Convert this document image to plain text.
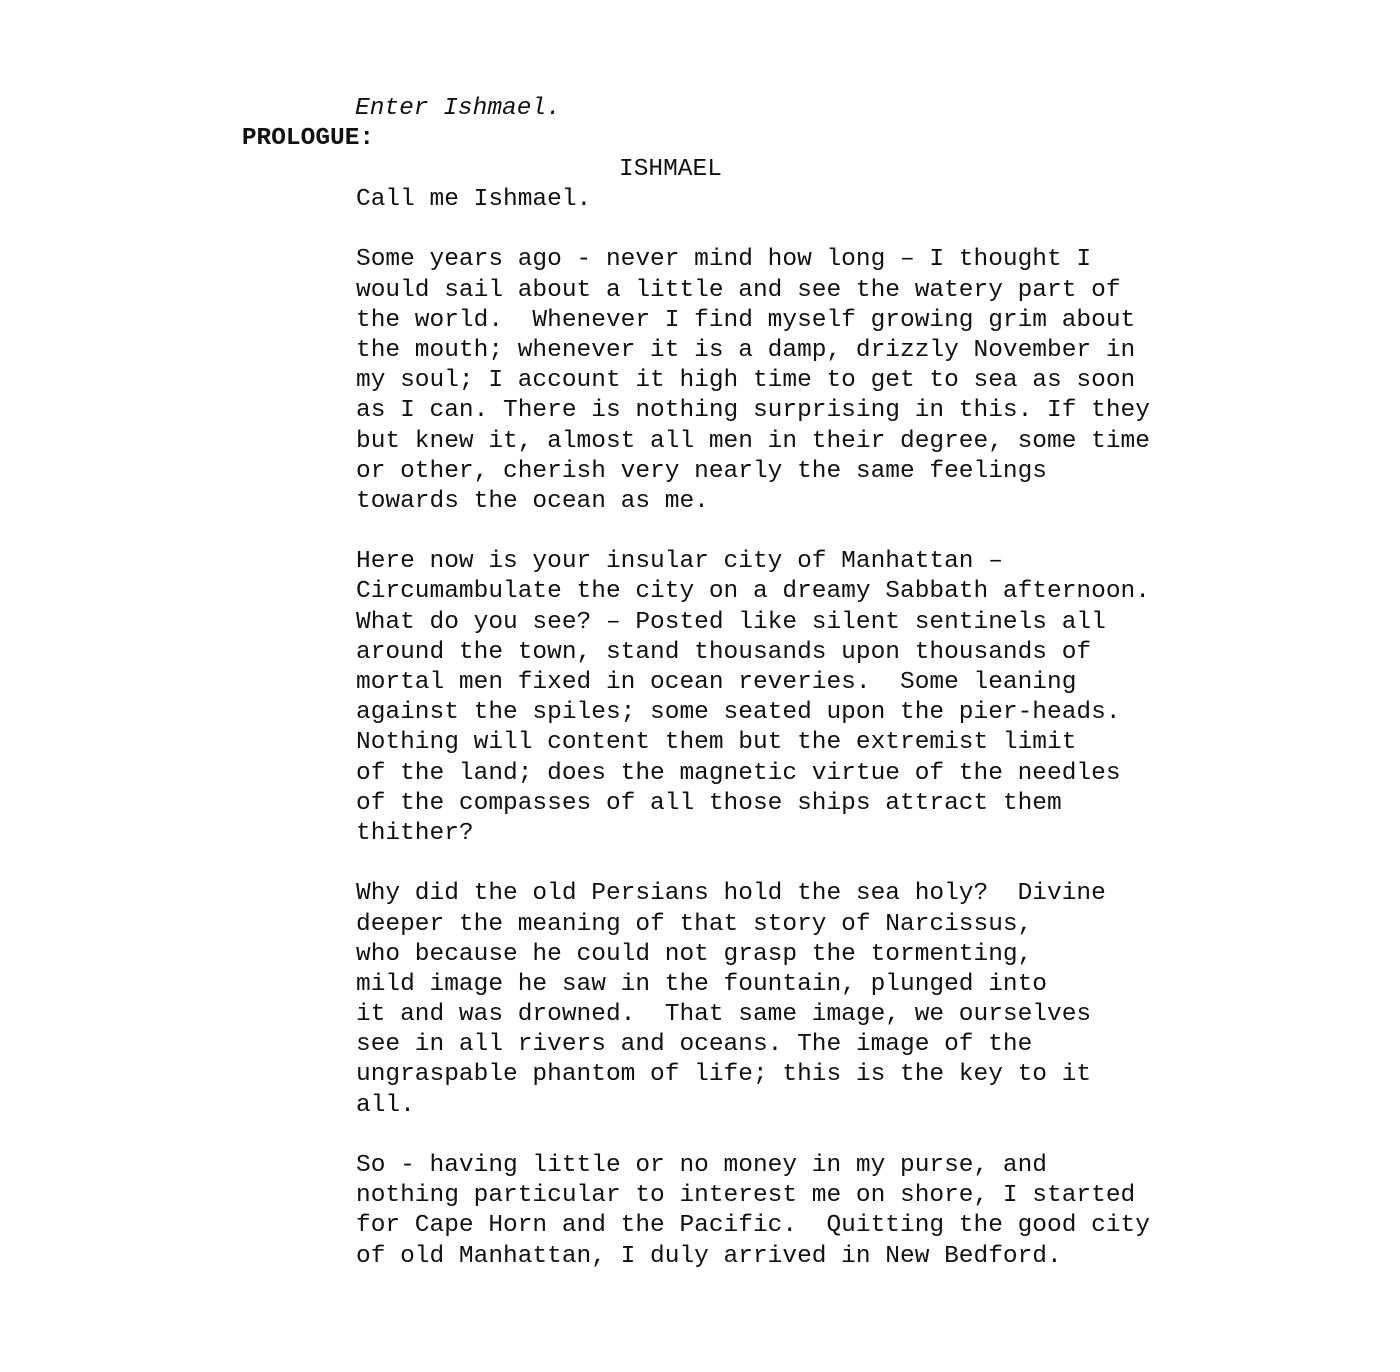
PROLOGUE:

Enter Ishmael.

ISHMAEL
Call me Ishmael.
Some years ago - never mind how long – I thought I
would sail about a little and see the watery part of
the world.  Whenever I find myself growing grim about
the mouth; whenever it is a damp, drizzly November in
my soul; I account it high time to get to sea as soon
as I can. There is nothing surprising in this. If they
but knew it, almost all men in their degree, some time
or other, cherish very nearly the same feelings
towards the ocean as me.
Here now is your insular city of Manhattan –
Circumambulate the city on a dreamy Sabbath afternoon.
What do you see? – Posted like silent sentinels all
around the town, stand thousands upon thousands of
mortal men fixed in ocean reveries.  Some leaning
against the spiles; some seated upon the pier-heads.
Nothing will content them but the extremist limit
of the land; does the magnetic virtue of the needles
of the compasses of all those ships attract them
thither?
Why did the old Persians hold the sea holy?  Divine
deeper the meaning of that story of Narcissus,
who because he could not grasp the tormenting,
mild image he saw in the fountain, plunged into
it and was drowned.  That same image, we ourselves
see in all rivers and oceans. The image of the
ungraspable phantom of life; this is the key to it
all.
So - having little or no money in my purse, and
nothing particular to interest me on shore, I started
for Cape Horn and the Pacific.  Quitting the good city
of old Manhattan, I duly arrived in New Bedford.
